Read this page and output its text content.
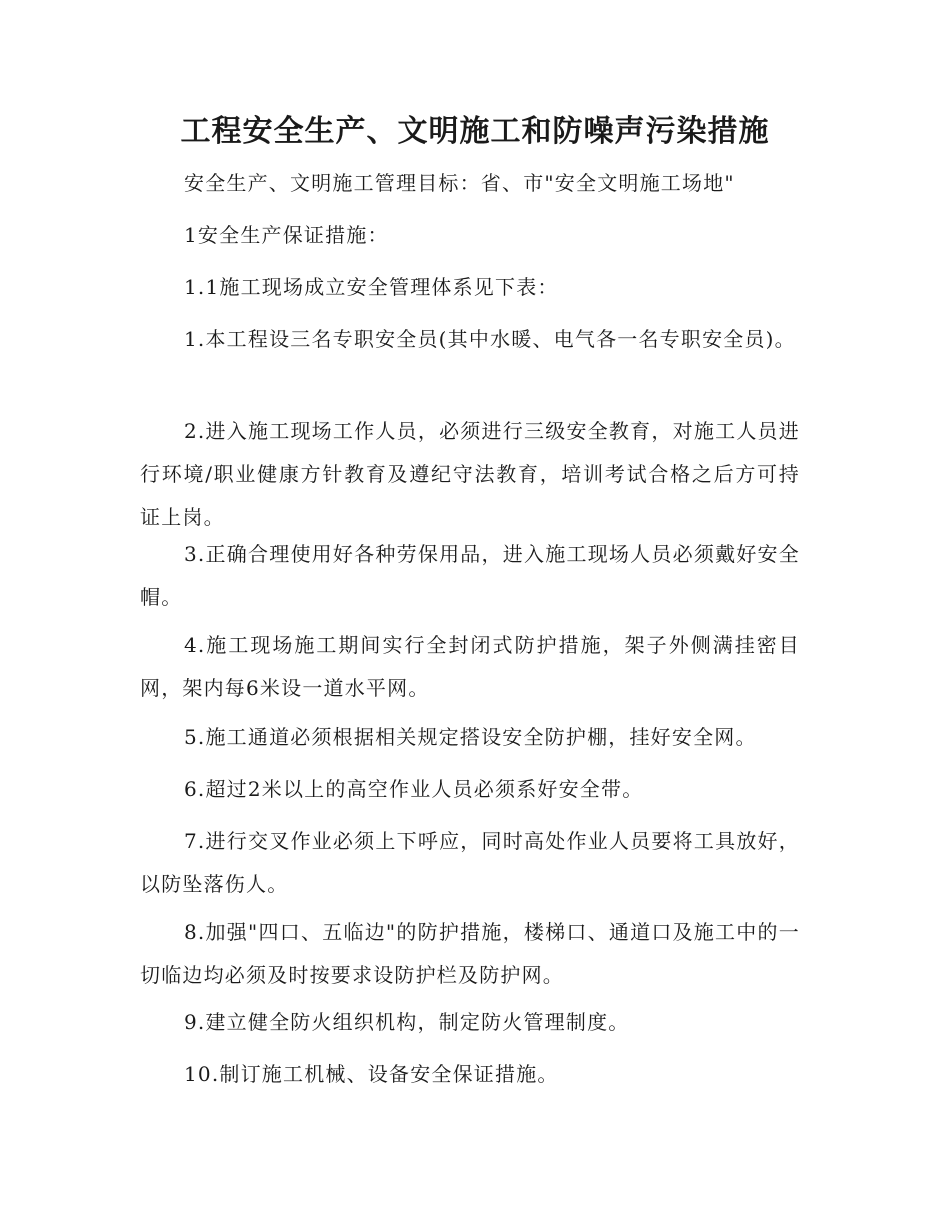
工程安全生产、文明施工和防噪声污染措施

安全生产、文明施工管理目标：省、市"安全文明施工场地"

1安全生产保证措施：

1.1施工现场成立安全管理体系见下表：

1.本工程设三名专职安全员(其中水暖、电气各一名专职安全员)。

2.进入施工现场工作人员，必须进行三级安全教育，对施工人员进行环境/职业健康方针教育及遵纪守法教育，培训考试合格之后方可持证上岗。

3.正确合理使用好各种劳保用品，进入施工现场人员必须戴好安全帽。

4.施工现场施工期间实行全封闭式防护措施，架子外侧满挂密目网，架内每6米设一道水平网。

5.施工通道必须根据相关规定搭设安全防护棚，挂好安全网。

6.超过2米以上的高空作业人员必须系好安全带。

7.进行交叉作业必须上下呼应，同时高处作业人员要将工具放好，以防坠落伤人。

8.加强"四口、五临边"的防护措施，楼梯口、通道口及施工中的一切临边均必须及时按要求设防护栏及防护网。

9.建立健全防火组织机构，制定防火管理制度。

10.制订施工机械、设备安全保证措施。
